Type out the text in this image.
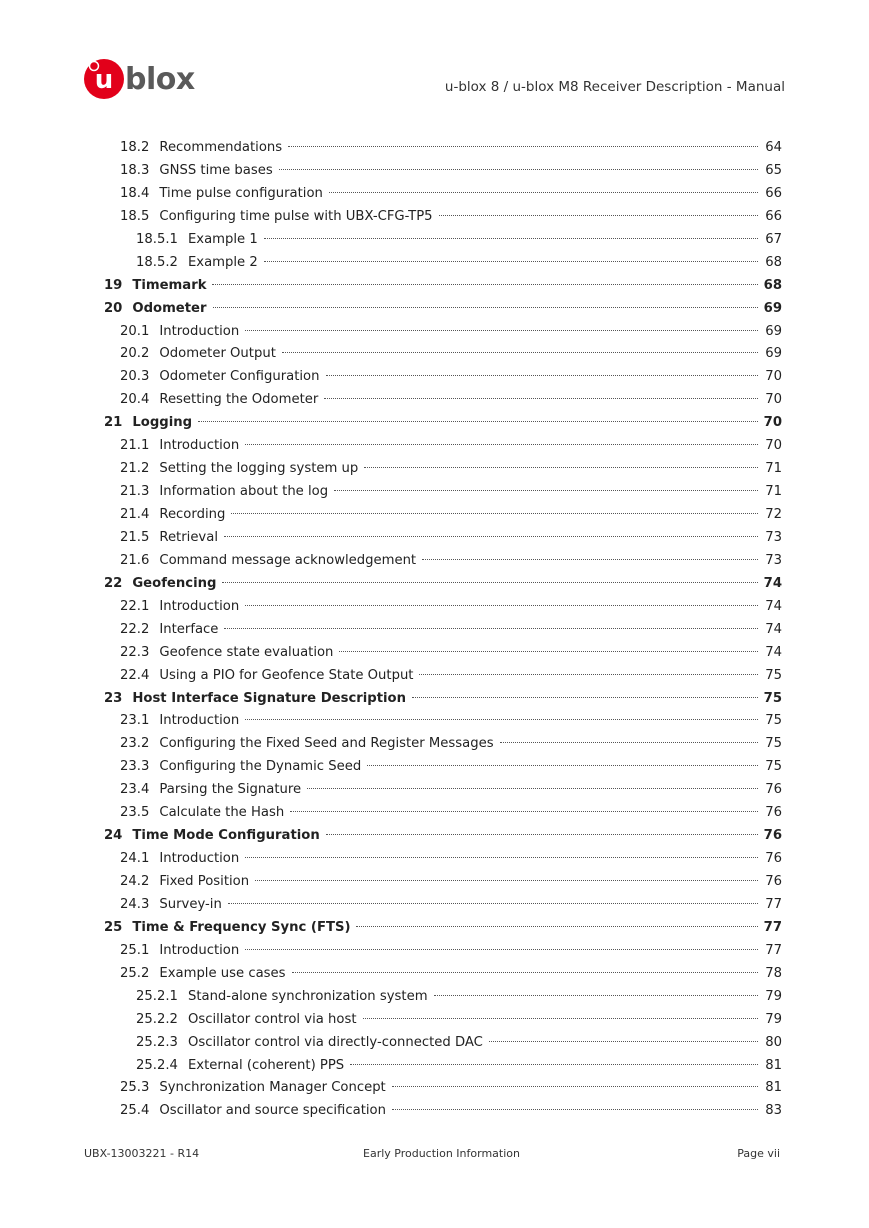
u blox	u-blox 8 / u-blox M8 Receiver Description - Manual
18.2 Recommendations	64
18.3 GNSS time bases	65
18.4 Time pulse configuration	66
18.5 Configuring time pulse with UBX-CFG-TP5	66
18.5.1 Example 1	67
18.5.2 Example 2	68
19 Timemark	68
20 Odometer	69
20.1 Introduction	69
20.2 Odometer Output	69
20.3 Odometer Configuration	70
20.4 Resetting the Odometer	70
21 Logging	70
21.1 Introduction	70
21.2 Setting the logging system up	71
21.3 Information about the log	71
21.4 Recording	72
21.5 Retrieval	73
21.6 Command message acknowledgement	73
22 Geofencing	74
22.1 Introduction	74
22.2 Interface	74
22.3 Geofence state evaluation	74
22.4 Using a PIO for Geofence State Output	75
23 Host Interface Signature Description	75
23.1 Introduction	75
23.2 Configuring the Fixed Seed and Register Messages	75
23.3 Configuring the Dynamic Seed	75
23.4 Parsing the Signature	76
23.5 Calculate the Hash	76
24 Time Mode Configuration	76
24.1 Introduction	76
24.2 Fixed Position	76
24.3 Survey-in	77
25 Time & Frequency Sync (FTS)	77
25.1 Introduction	77
25.2 Example use cases	78
25.2.1 Stand-alone synchronization system	79
25.2.2 Oscillator control via host	79
25.2.3 Oscillator control via directly-connected DAC	80
25.2.4 External (coherent) PPS	81
25.3 Synchronization Manager Concept	81
25.4 Oscillator and source specification	83
UBX-13003221 - R14	Early Production Information	Page vii
